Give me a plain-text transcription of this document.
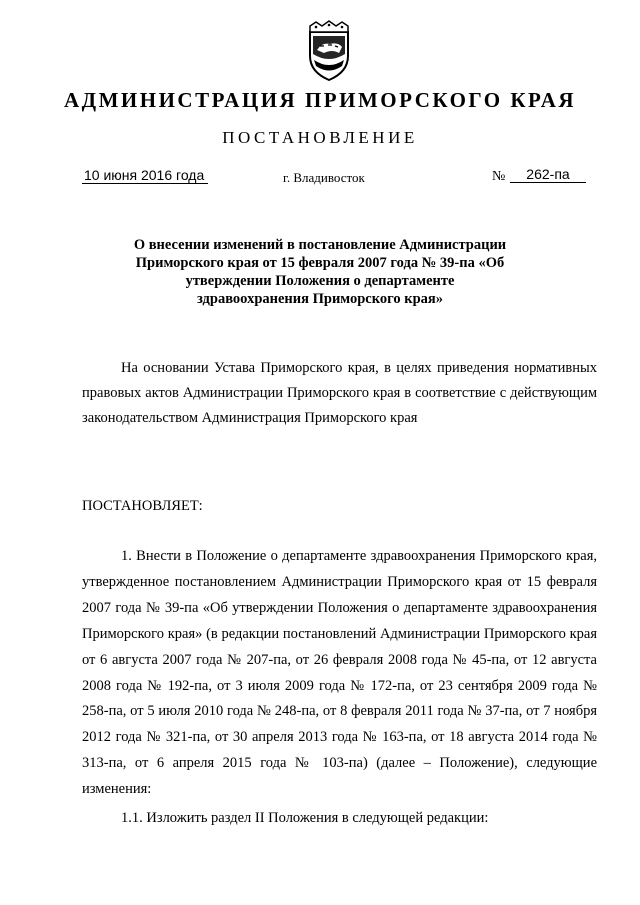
АДМИНИСТРАЦИЯ ПРИМОРСКОГО КРАЯ
ПОСТАНОВЛЕНИЕ
10 июня 2016 года	г. Владивосток	№	262-па
О внесении изменений в постановление Администрации Приморского края от 15 февраля 2007 года № 39-па «Об утверждении Положения о департаменте здравоохранения Приморского края»

На основании Устава Приморского края, в целях приведения нормативных правовых актов Администрации Приморского края в соответствие с действующим законодательством Администрация Приморского края

ПОСТАНОВЛЯЕТ:

1. Внести в Положение о департаменте здравоохранения Приморского края, утвержденное постановлением Администрации Приморского края от 15 февраля 2007 года № 39-па «Об утверждении Положения о департаменте здравоохранения Приморского края» (в редакции постановлений Администрации Приморского края от 6 августа 2007 года № 207-па, от 26 февраля 2008 года № 45-па, от 12 августа 2008 года № 192-па, от 3 июля 2009 года № 172-па, от 23 сентября 2009 года № 258-па, от 5 июля 2010 года № 248-па, от 8 февраля 2011 года № 37-па, от 7 ноября 2012 года № 321-па, от 30 апреля 2013 года № 163-па, от 18 августа 2014 года № 313-па, от 6 апреля 2015 года № 103-па) (далее – Положение), следующие изменения:

1.1. Изложить раздел II Положения в следующей редакции:
